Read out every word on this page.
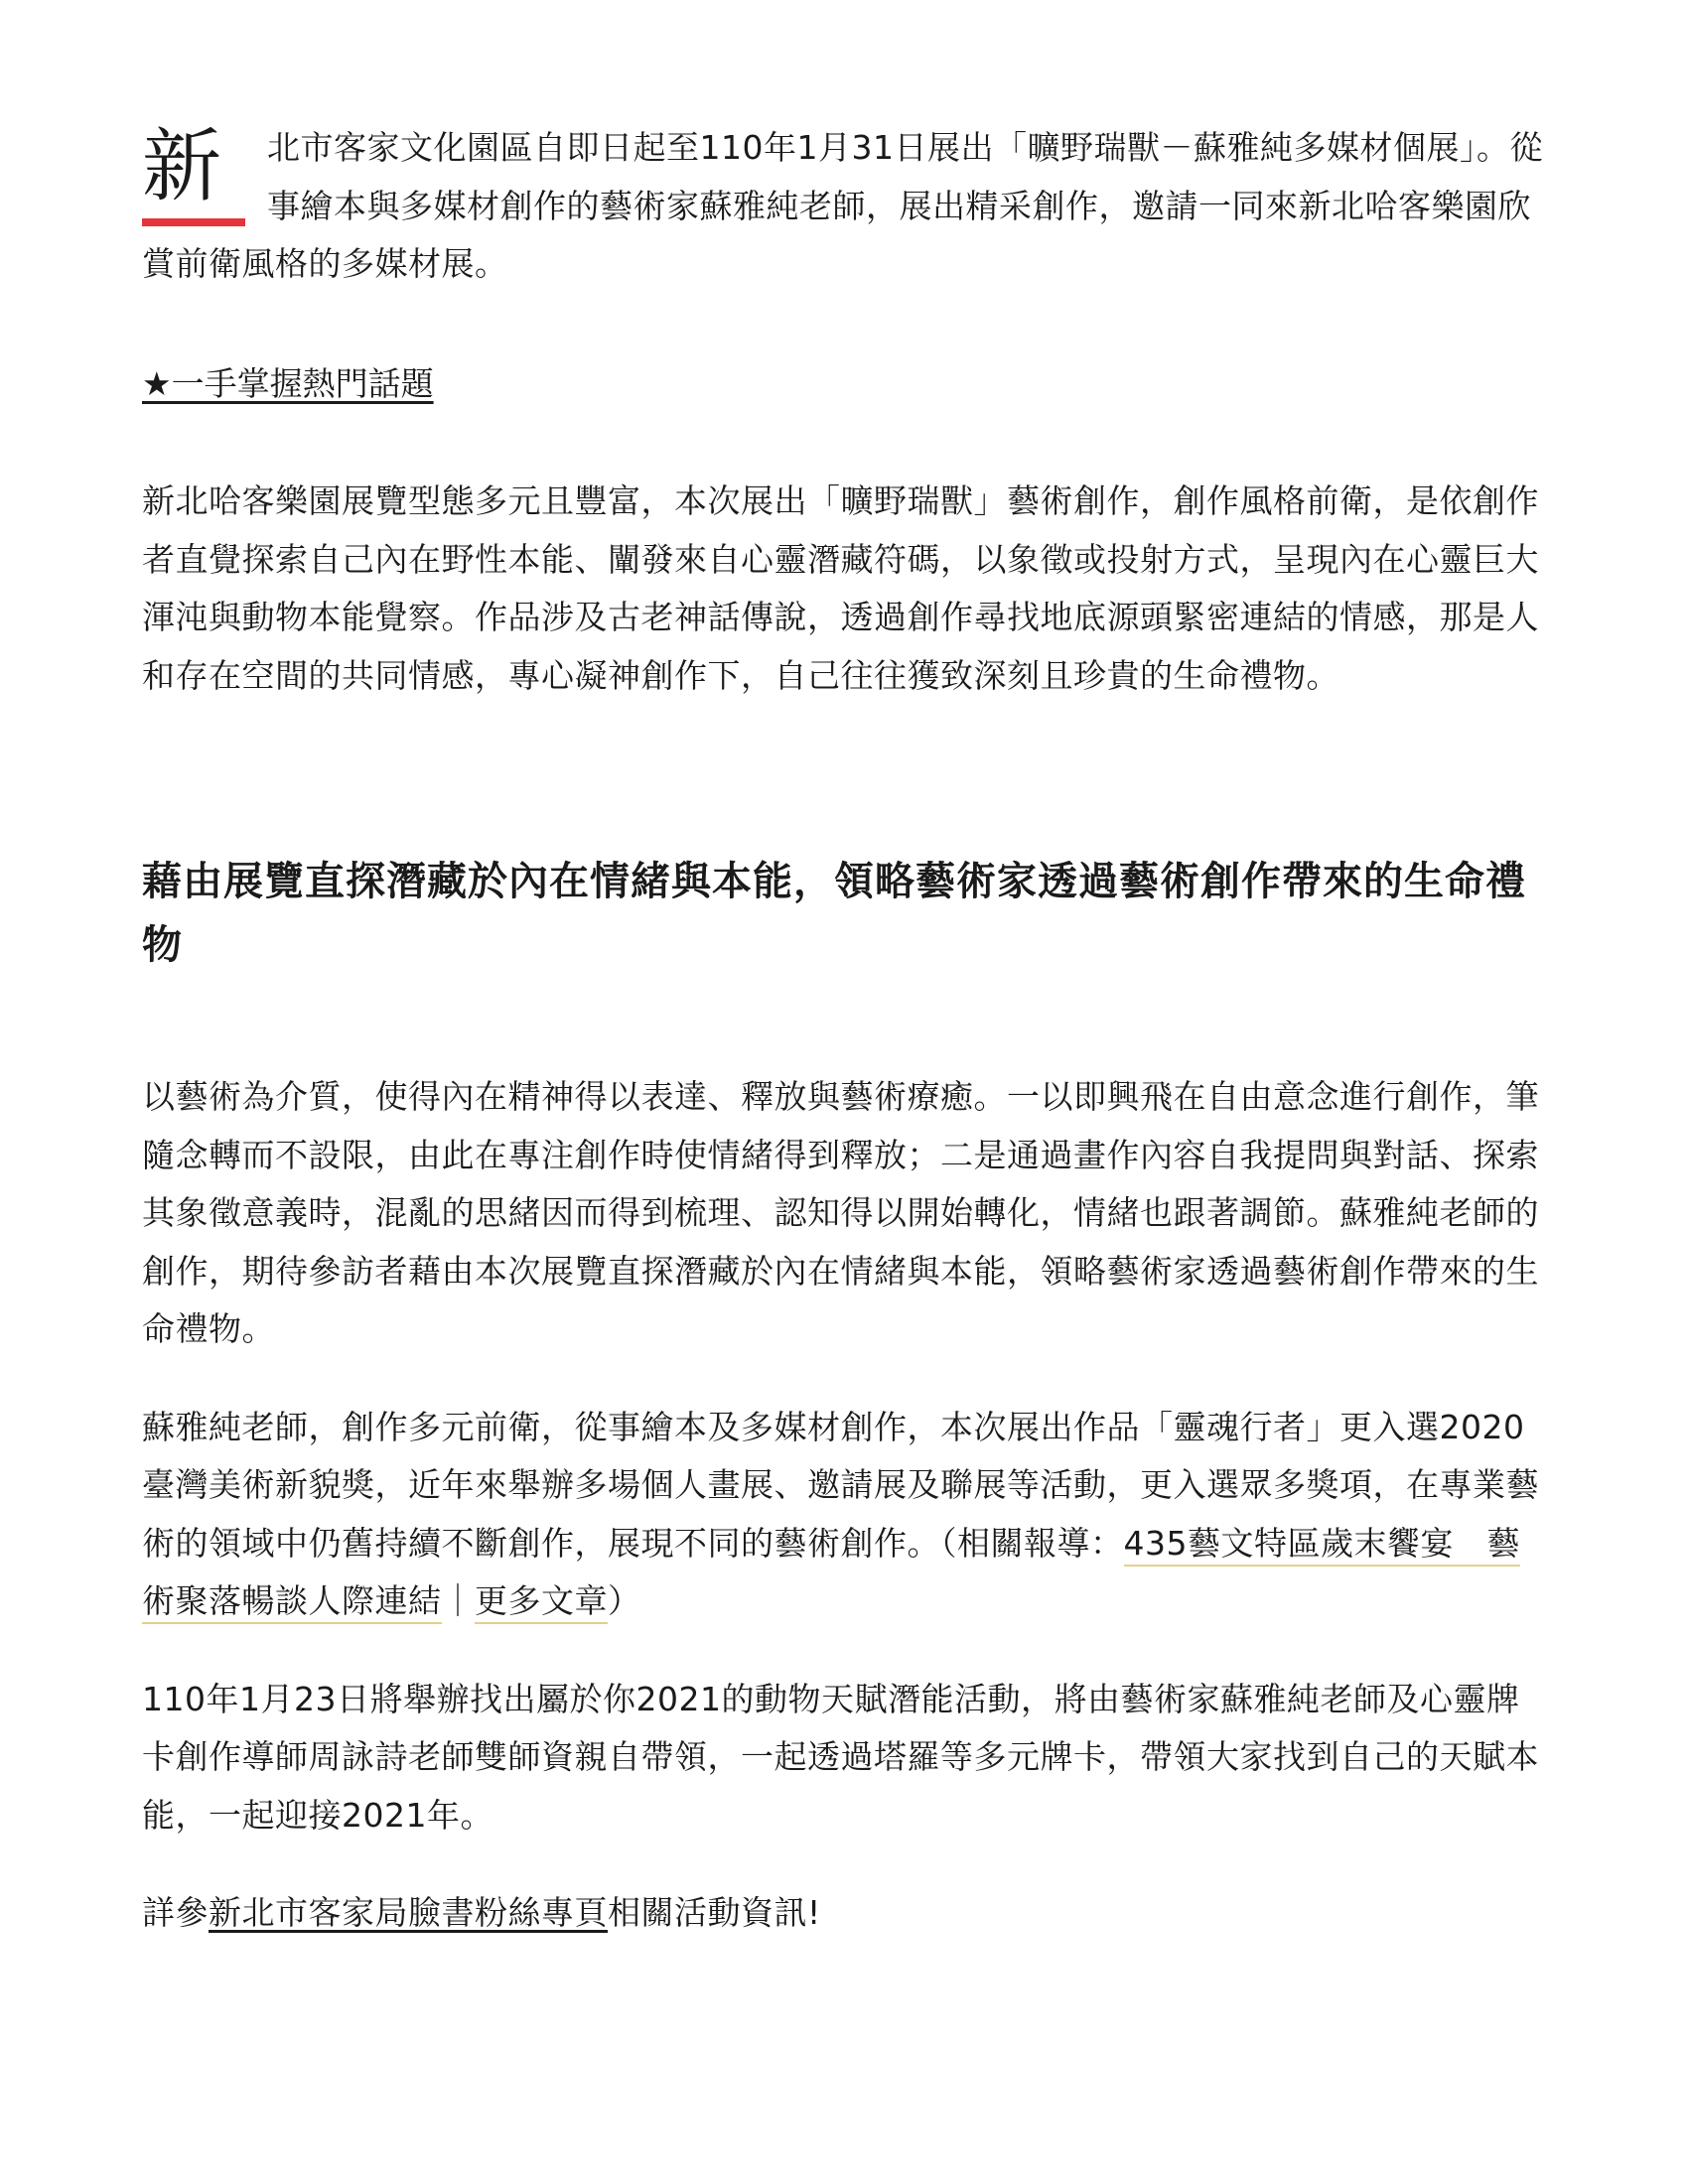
新	北市客家文化園區自即日起至110年1月31日展出「曠野瑞獸－蘇雅純多媒材個展」。從事繪本與多媒材創作的藝術家蘇雅純老師，展出精采創作，邀請一同來新北哈客樂園欣賞前衛風格的多媒材展。

★一手掌握熱門話題

新北哈客樂園展覽型態多元且豐富，本次展出「曠野瑞獸」藝術創作，創作風格前衛，是依創作者直覺探索自己內在野性本能、闡發來自心靈潛藏符碼，以象徵或投射方式，呈現內在心靈巨大渾沌與動物本能覺察。作品涉及古老神話傳說，透過創作尋找地底源頭緊密連結的情感，那是人和存在空間的共同情感，專心凝神創作下，自己往往獲致深刻且珍貴的生命禮物。

藉由展覽直探潛藏於內在情緒與本能，領略藝術家透過藝術創作帶來的生命禮物

以藝術為介質，使得內在精神得以表達、釋放與藝術療癒。一以即興飛在自由意念進行創作，筆隨念轉而不設限，由此在專注創作時使情緒得到釋放；二是通過畫作內容自我提問與對話、探索其象徵意義時，混亂的思緒因而得到梳理、認知得以開始轉化，情緒也跟著調節。蘇雅純老師的創作，期待參訪者藉由本次展覽直探潛藏於內在情緒與本能，領略藝術家透過藝術創作帶來的生命禮物。

蘇雅純老師，創作多元前衛，從事繪本及多媒材創作，本次展出作品「靈魂行者」更入選2020臺灣美術新貌獎，近年來舉辦多場個人畫展、邀請展及聯展等活動，更入選眾多獎項，在專業藝術的領域中仍舊持續不斷創作，展現不同的藝術創作。（相關報導：435藝文特區歲末饗宴　藝術聚落暢談人際連結｜更多文章）

110年1月23日將舉辦找出屬於你2021的動物天賦潛能活動，將由藝術家蘇雅純老師及心靈牌卡創作導師周詠詩老師雙師資親自帶領，一起透過塔羅等多元牌卡，帶領大家找到自己的天賦本能，一起迎接2021年。

詳參新北市客家局臉書粉絲專頁相關活動資訊!
